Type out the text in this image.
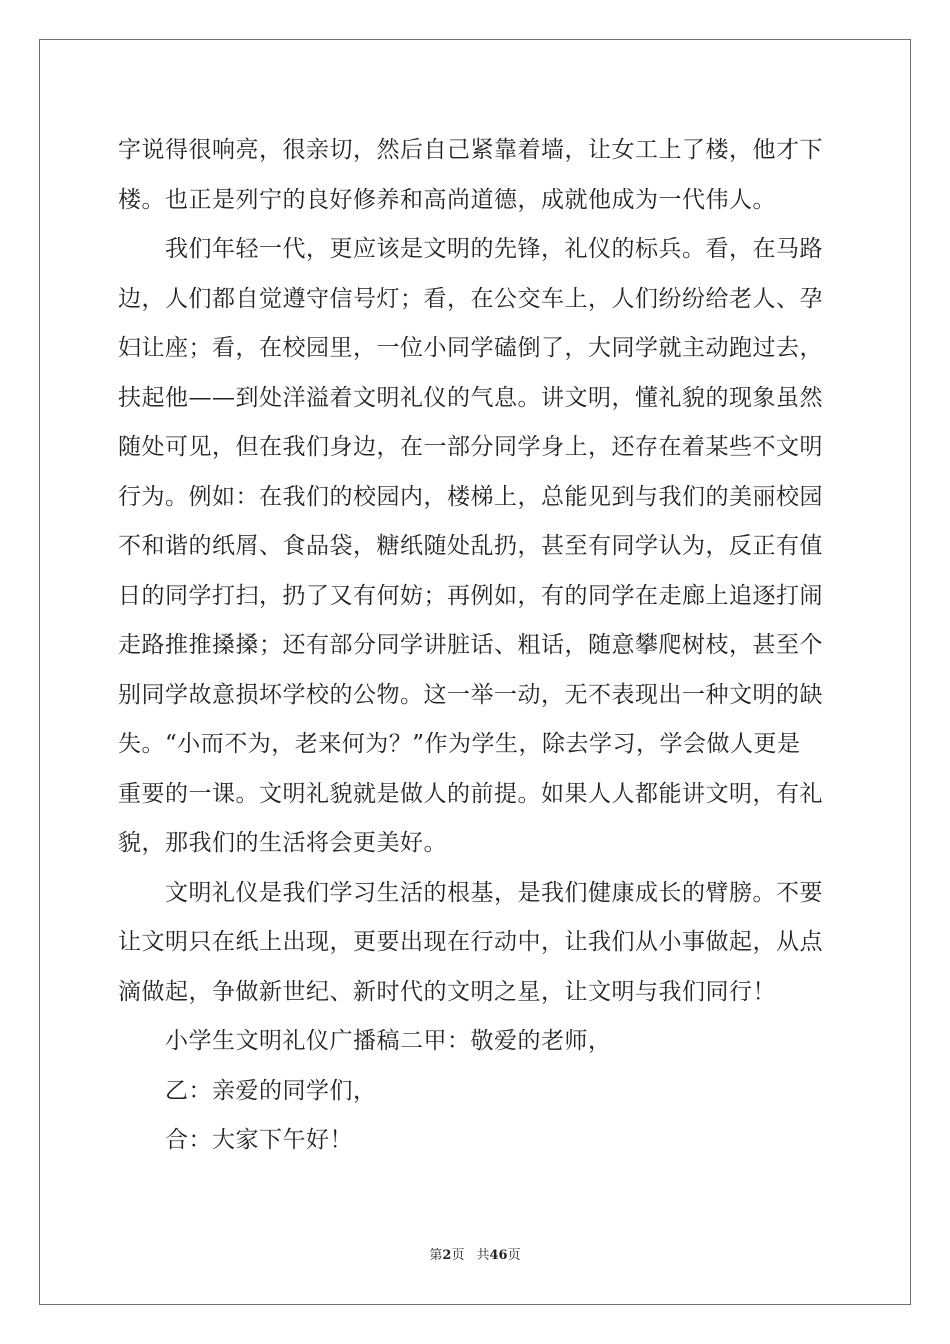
字说得很响亮，很亲切，然后自己紧靠着墙，让女工上了楼，他才下
楼。也正是列宁的良好修养和高尚道德，成就他成为一代伟人。
我们年轻一代，更应该是文明的先锋，礼仪的标兵。看，在马路
边，人们都自觉遵守信号灯；看，在公交车上，人们纷纷给老人、孕
妇让座；看，在校园里，一位小同学磕倒了，大同学就主动跑过去，
扶起他——到处洋溢着文明礼仪的气息。讲文明，懂礼貌的现象虽然
随处可见，但在我们身边，在一部分同学身上，还存在着某些不文明
行为。例如：在我们的校园内，楼梯上，总能见到与我们的美丽校园
不和谐的纸屑、食品袋，糖纸随处乱扔，甚至有同学认为，反正有值
日的同学打扫，扔了又有何妨；再例如，有的同学在走廊上追逐打闹
走路推推搡搡；还有部分同学讲脏话、粗话，随意攀爬树枝，甚至个
别同学故意损坏学校的公物。这一举一动，无不表现出一种文明的缺
失。“小而不为，老来何为？”作为学生，除去学习，学会做人更是
重要的一课。文明礼貌就是做人的前提。如果人人都能讲文明，有礼
貌，那我们的生活将会更美好。
文明礼仪是我们学习生活的根基，是我们健康成长的臂膀。不要
让文明只在纸上出现，更要出现在行动中，让我们从小事做起，从点
滴做起，争做新世纪、新时代的文明之星，让文明与我们同行！
小学生文明礼仪广播稿二甲：敬爱的老师，
乙：亲爱的同学们，
合：大家下午好！
第2页 共46页
